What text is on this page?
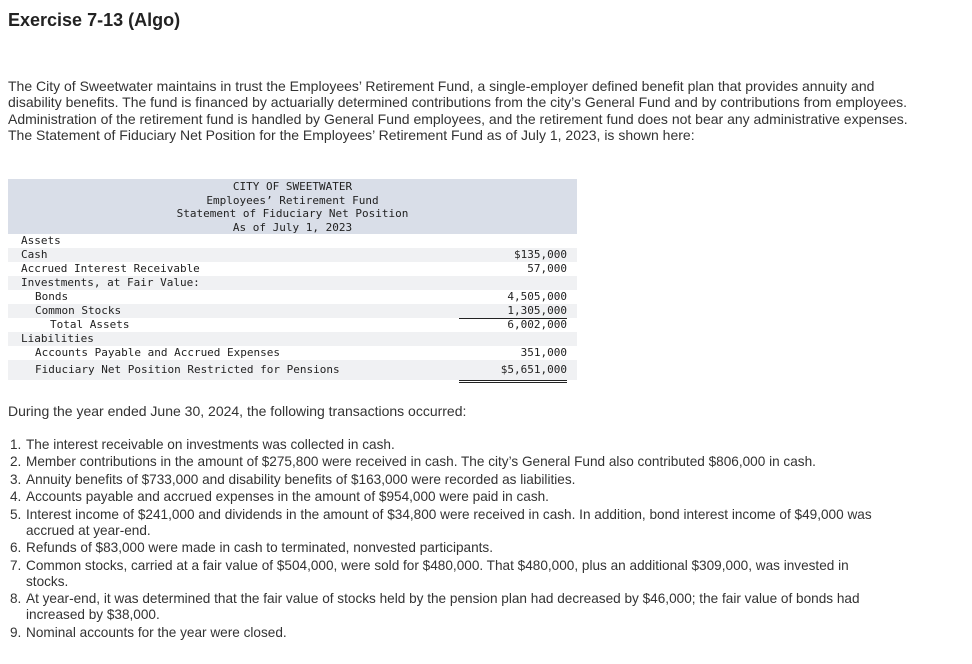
Exercise 7-13 (Algo)
The City of Sweetwater maintains in trust the Employees’ Retirement Fund, a single-employer defined benefit plan that provides annuity and disability benefits. The fund is financed by actuarially determined contributions from the city’s General Fund and by contributions from employees. Administration of the retirement fund is handled by General Fund employees, and the retirement fund does not bear any administrative expenses. The Statement of Fiduciary Net Position for the Employees’ Retirement Fund as of July 1, 2023, is shown here:
CITY OF SWEETWATER
Employees’ Retirement Fund
Statement of Fiduciary Net Position
As of July 1, 2023
Assets
Cash	$135,000
Accrued Interest Receivable	57,000
Investments, at Fair Value:
Bonds	4,505,000
Common Stocks	1,305,000
Total Assets	6,002,000
Liabilities
Accounts Payable and Accrued Expenses	351,000
Fiduciary Net Position Restricted for Pensions	$5,651,000
During the year ended June 30, 2024, the following transactions occurred:
1. The interest receivable on investments was collected in cash.
2. Member contributions in the amount of $275,800 were received in cash. The city’s General Fund also contributed $806,000 in cash.
3. Annuity benefits of $733,000 and disability benefits of $163,000 were recorded as liabilities.
4. Accounts payable and accrued expenses in the amount of $954,000 were paid in cash.
5. Interest income of $241,000 and dividends in the amount of $34,800 were received in cash. In addition, bond interest income of $49,000 was accrued at year-end.
6. Refunds of $83,000 were made in cash to terminated, nonvested participants.
7. Common stocks, carried at a fair value of $504,000, were sold for $480,000. That $480,000, plus an additional $309,000, was invested in stocks.
8. At year-end, it was determined that the fair value of stocks held by the pension plan had decreased by $46,000; the fair value of bonds had increased by $38,000.
9. Nominal accounts for the year were closed.
